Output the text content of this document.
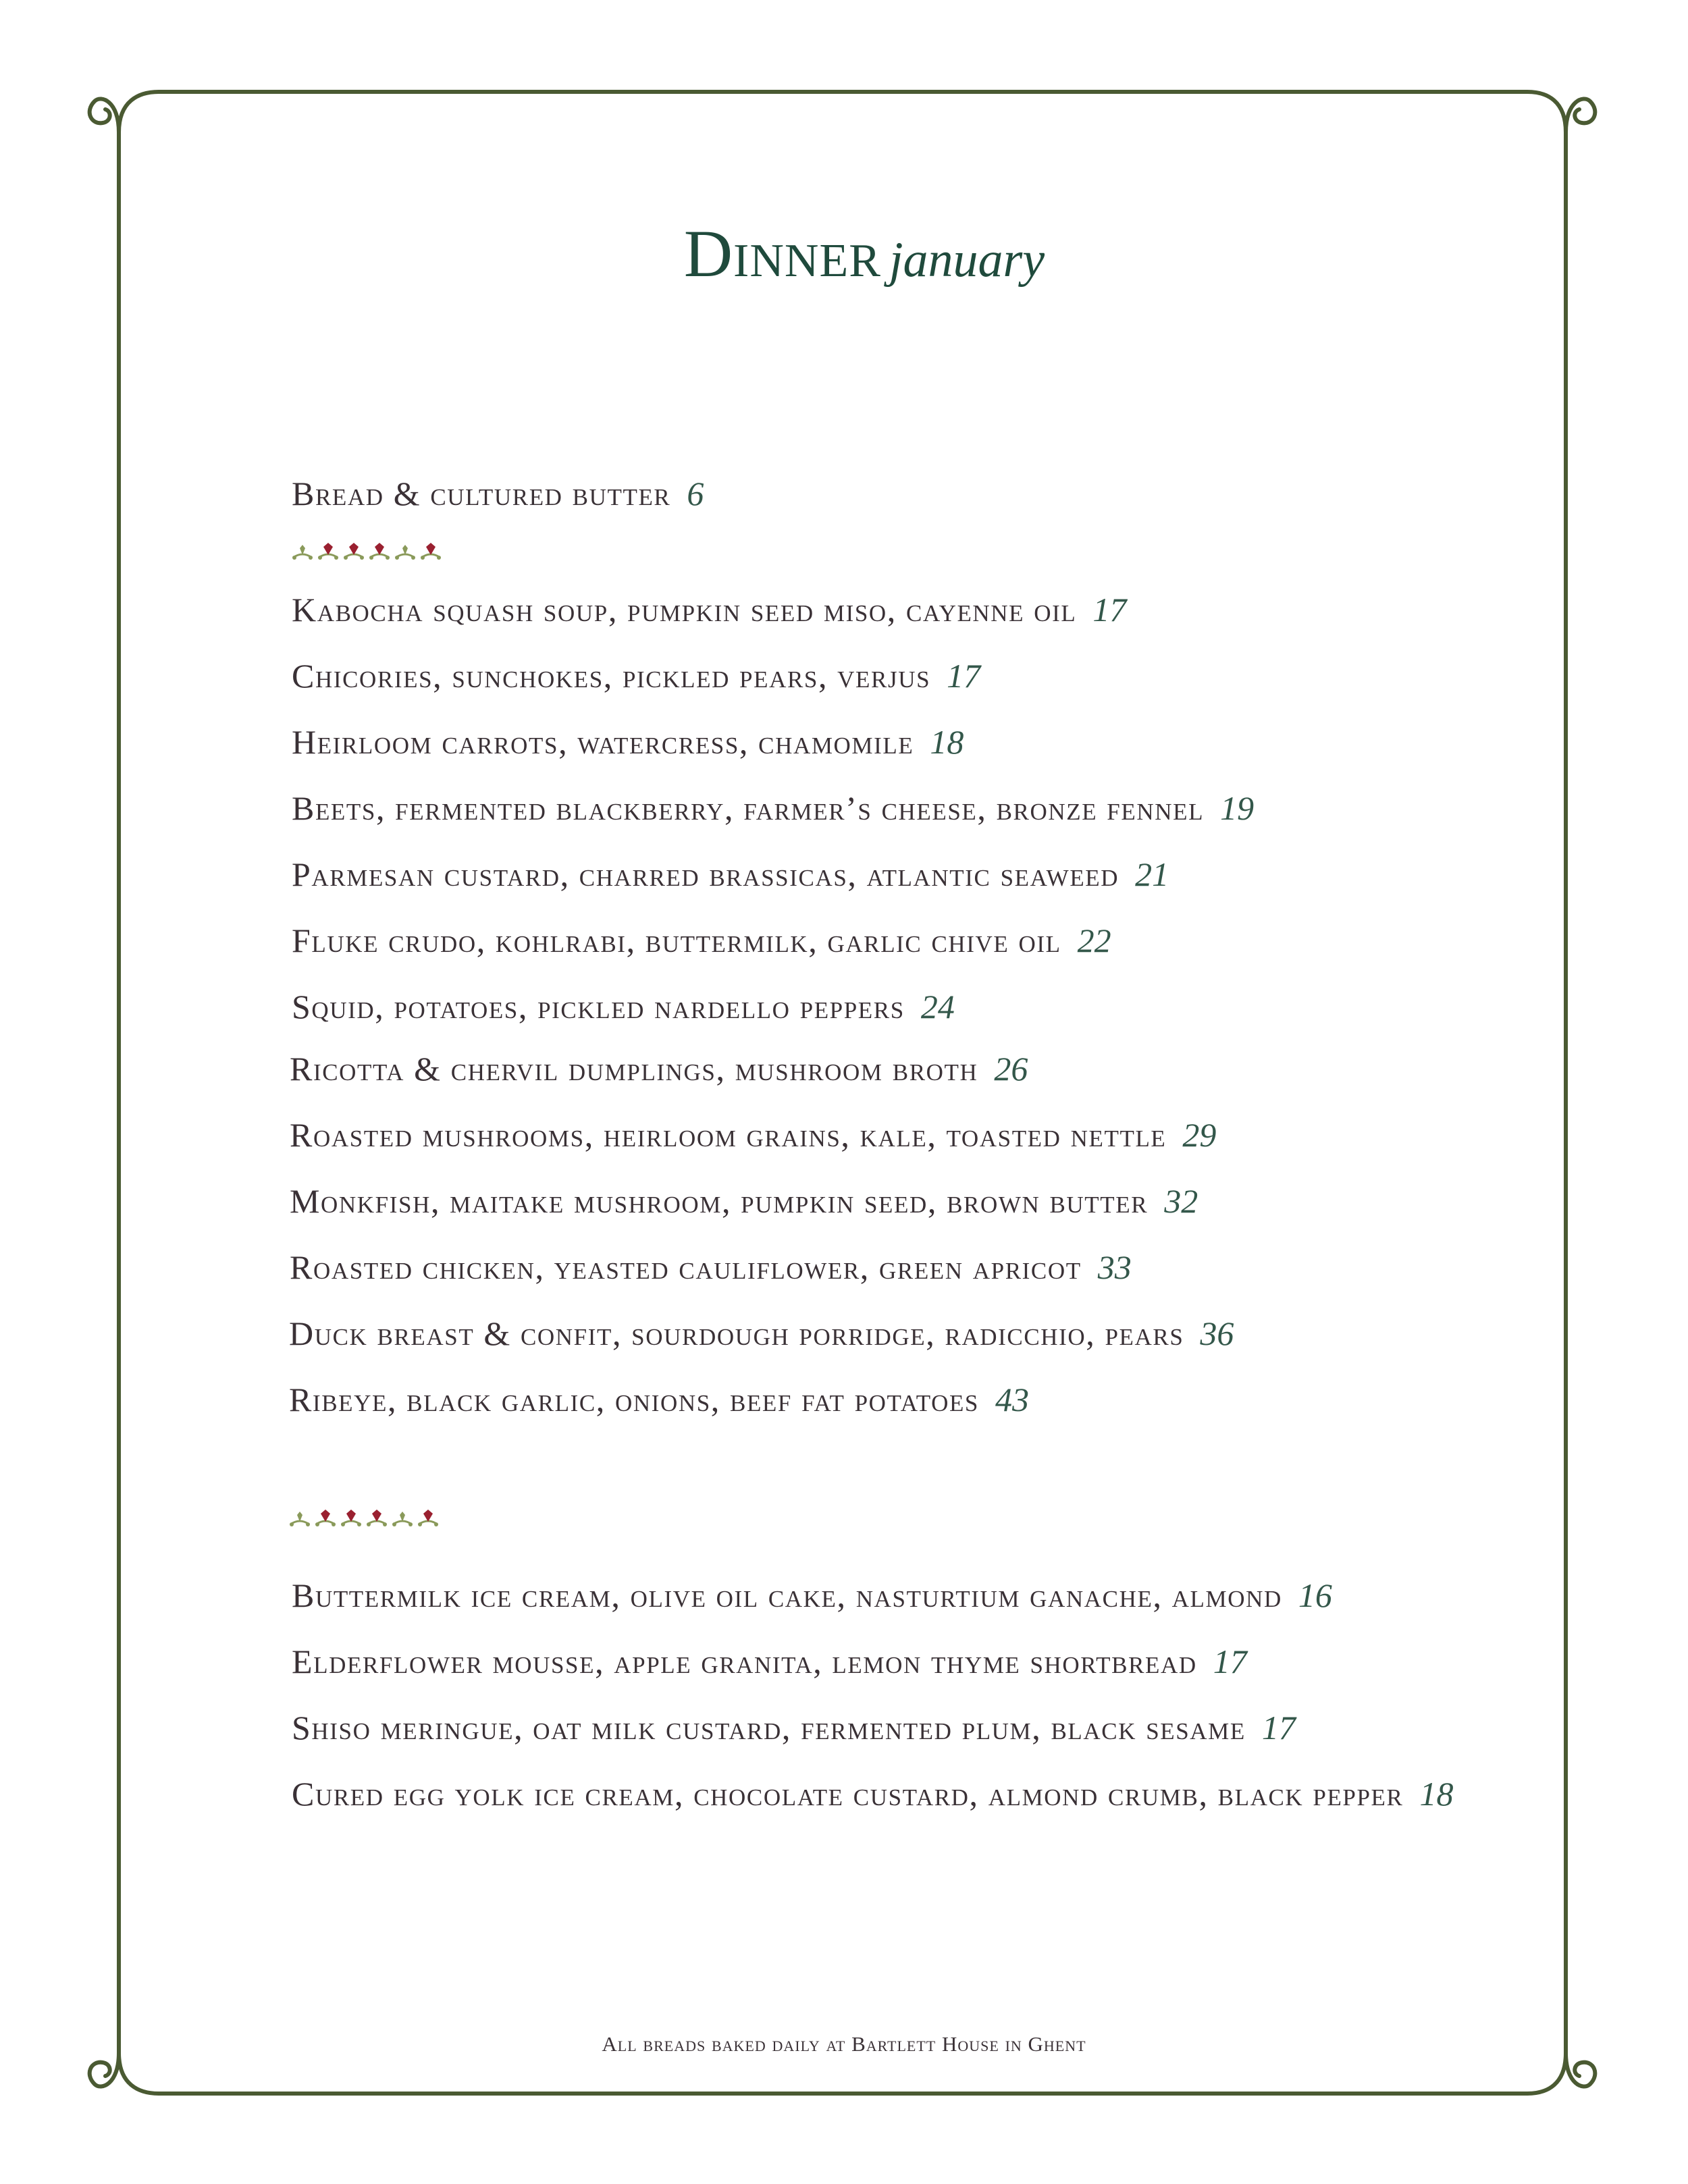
Dinner january
Bread & cultured butter 6
Kabocha squash soup, pumpkin seed miso, cayenne oil 17
Chicories, sunchokes, pickled pears, verjus 17
Heirloom carrots, watercress, chamomile 18
Beets, fermented blackberry, farmer’s cheese, bronze fennel 19
Parmesan custard, charred brassicas, atlantic seaweed 21
Fluke crudo, kohlrabi, buttermilk, garlic chive oil 22
Squid, potatoes, pickled nardello peppers 24
Ricotta & chervil dumplings, mushroom broth 26
Roasted mushrooms, heirloom grains, kale, toasted nettle 29
Monkfish, maitake mushroom, pumpkin seed, brown butter 32
Roasted chicken, yeasted cauliflower, green apricot 33
Duck breast & confit, sourdough porridge, radicchio, pears 36
Ribeye, black garlic, onions, beef fat potatoes 43
Buttermilk ice cream, olive oil cake, nasturtium ganache, almond 16
Elderflower mousse, apple granita, lemon thyme shortbread 17
Shiso meringue, oat milk custard, fermented plum, black sesame 17
Cured egg yolk ice cream, chocolate custard, almond crumb, black pepper 18
All breads baked daily at Bartlett House in Ghent
